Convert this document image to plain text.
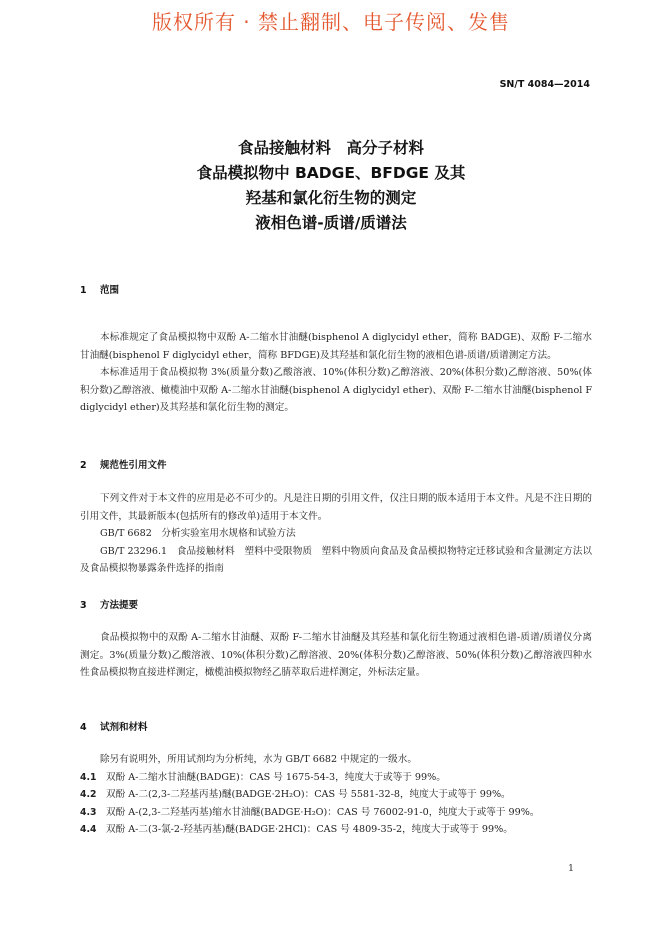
版权所有 · 禁止翻制、电子传阅、发售
SN/T 4084—2014
食品接触材料　高分子材料
食品模拟物中 BADGE、BFDGE 及其
羟基和氯化衍生物的测定
液相色谱-质谱/质谱法
1 范围

本标准规定了食品模拟物中双酚 A-二缩水甘油醚(bisphenol A diglycidyl ether，简称 BADGE)、双酚 F-二缩水甘油醚(bisphenol F diglycidyl ether，简称 BFDGE)及其羟基和氯化衍生物的液相色谱-质谱/质谱测定方法。

本标准适用于食品模拟物 3%(质量分数)乙酸溶液、10%(体积分数)乙醇溶液、20%(体积分数)乙醇溶液、50%(体积分数)乙醇溶液、橄榄油中双酚 A-二缩水甘油醚(bisphenol A diglycidyl ether)、双酚 F-二缩水甘油醚(bisphenol F diglycidyl ether)及其羟基和氯化衍生物的测定。

2 规范性引用文件

下列文件对于本文件的应用是必不可少的。凡是注日期的引用文件，仅注日期的版本适用于本文件。凡是不注日期的引用文件，其最新版本(包括所有的修改单)适用于本文件。

GB/T 6682　分析实验室用水规格和试验方法

GB/T 23296.1　食品接触材料　塑料中受限物质　塑料中物质向食品及食品模拟物特定迁移试验和含量测定方法以及食品模拟物暴露条件选择的指南

3 方法提要

食品模拟物中的双酚 A-二缩水甘油醚、双酚 F-二缩水甘油醚及其羟基和氯化衍生物通过液相色谱-质谱/质谱仪分离测定。3%(质量分数)乙酸溶液、10%(体积分数)乙醇溶液、20%(体积分数)乙醇溶液、50%(体积分数)乙醇溶液四种水性食品模拟物直接进样测定，橄榄油模拟物经乙腈萃取后进样测定，外标法定量。

4 试剂和材料

除另有说明外，所用试剂均为分析纯，水为 GB/T 6682 中规定的一级水。

4.1 双酚 A-二缩水甘油醚(BADGE)：CAS 号 1675-54-3，纯度大于或等于 99%。

4.2 双酚 A-二(2,3-二羟基丙基)醚(BADGE·2H₂O)：CAS 号 5581-32-8，纯度大于或等于 99%。

4.3 双酚 A-(2,3-二羟基丙基)缩水甘油醚(BADGE·H₂O)：CAS 号 76002-91-0，纯度大于或等于 99%。

4.4 双酚 A-二(3-氯-2-羟基丙基)醚(BADGE·2HCl)：CAS 号 4809-35-2，纯度大于或等于 99%。

1
